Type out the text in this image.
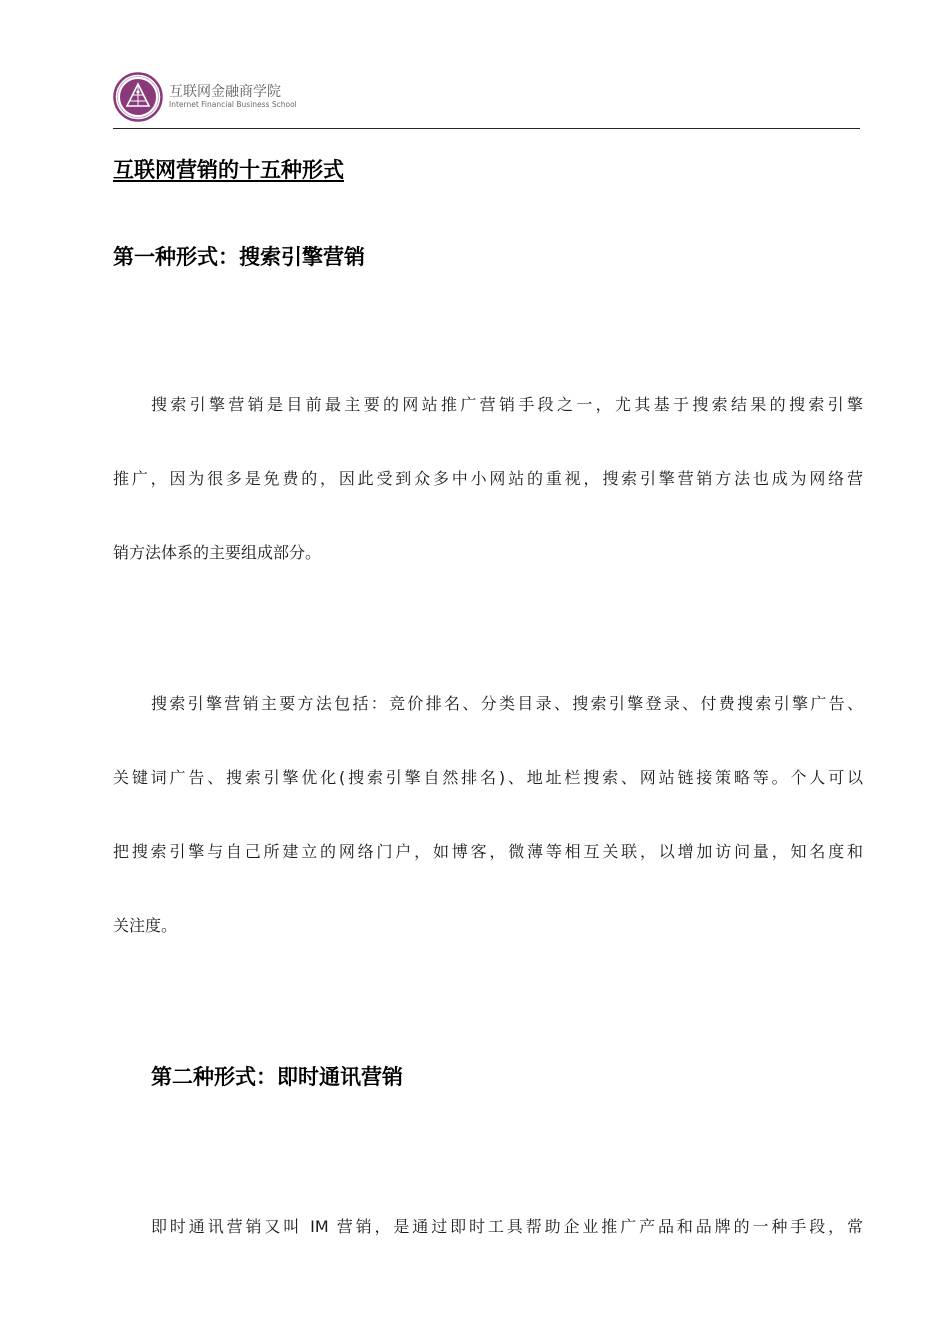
互联网金融商学院
Internet Financial Business School
互联网营销的十五种形式
第一种形式：搜索引擎营销
搜索引擎营销是目前最主要的网站推广营销手段之一，尤其基于搜索结果的搜索引擎
推广，因为很多是免费的，因此受到众多中小网站的重视，搜索引擎营销方法也成为网络营
销方法体系的主要组成部分。
搜索引擎营销主要方法包括：竞价排名、分类目录、搜索引擎登录、付费搜索引擎广告、
关键词广告、搜索引擎优化(搜索引擎自然排名)、地址栏搜索、网站链接策略等。个人可以
把搜索引擎与自己所建立的网络门户，如博客，微薄等相互关联，以增加访问量，知名度和
关注度。
第二种形式：即时通讯营销
即时通讯营销又叫 IM 营销，是通过即时工具帮助企业推广产品和品牌的一种手段，常
